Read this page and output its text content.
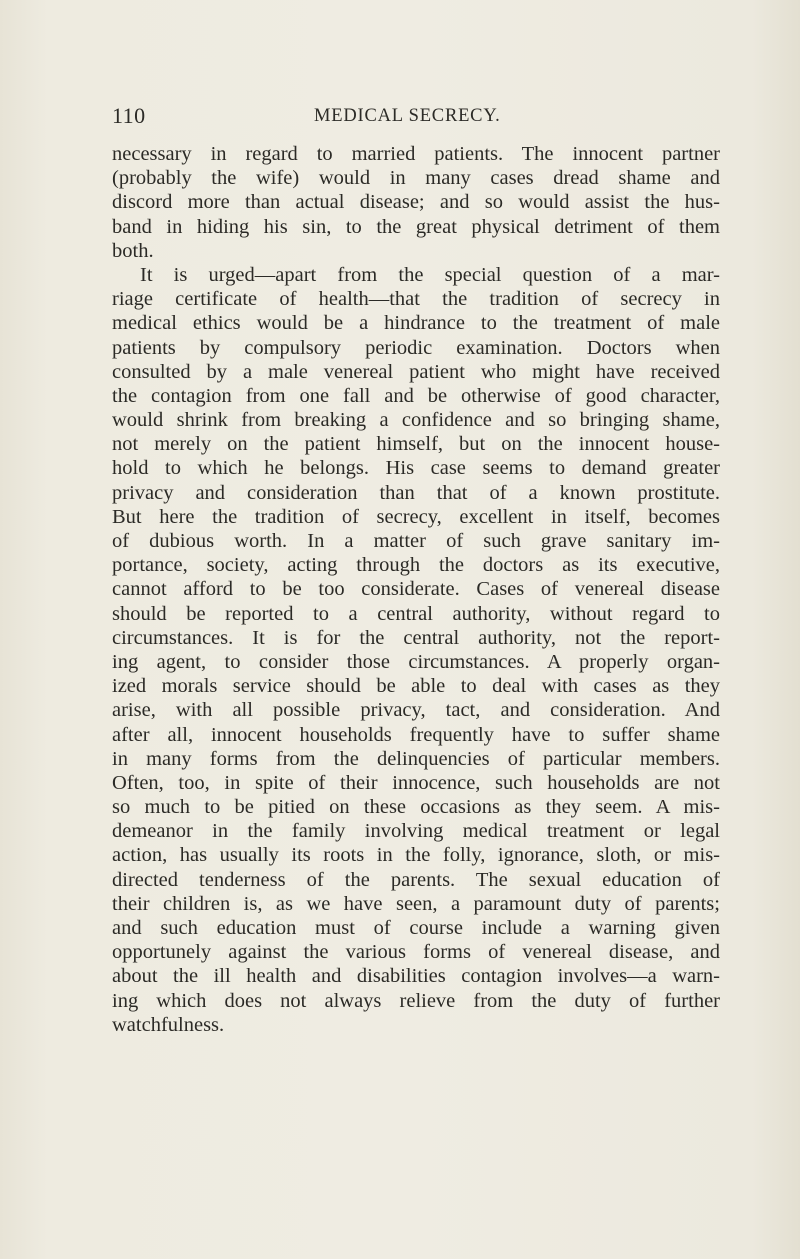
110	MEDICAL SECRECY.
necessary in regard to married patients. The innocent partner
(probably the wife) would in many cases dread shame and
discord more than actual disease; and so would assist the hus-
band in hiding his sin, to the great physical detriment of them
both.
It is urged—apart from the special question of a mar-
riage certificate of health—that the tradition of secrecy in
medical ethics would be a hindrance to the treatment of male
patients by compulsory periodic examination. Doctors when
consulted by a male venereal patient who might have received
the contagion from one fall and be otherwise of good character,
would shrink from breaking a confidence and so bringing shame,
not merely on the patient himself, but on the innocent house-
hold to which he belongs. His case seems to demand greater
privacy and consideration than that of a known prostitute.
But here the tradition of secrecy, excellent in itself, becomes
of dubious worth. In a matter of such grave sanitary im-
portance, society, acting through the doctors as its executive,
cannot afford to be too considerate. Cases of venereal disease
should be reported to a central authority, without regard to
circumstances. It is for the central authority, not the report-
ing agent, to consider those circumstances. A properly organ-
ized morals service should be able to deal with cases as they
arise, with all possible privacy, tact, and consideration. And
after all, innocent households frequently have to suffer shame
in many forms from the delinquencies of particular members.
Often, too, in spite of their innocence, such households are not
so much to be pitied on these occasions as they seem. A mis-
demeanor in the family involving medical treatment or legal
action, has usually its roots in the folly, ignorance, sloth, or mis-
directed tenderness of the parents. The sexual education of
their children is, as we have seen, a paramount duty of parents;
and such education must of course include a warning given
opportunely against the various forms of venereal disease, and
about the ill health and disabilities contagion involves—a warn-
ing which does not always relieve from the duty of further
watchfulness.
